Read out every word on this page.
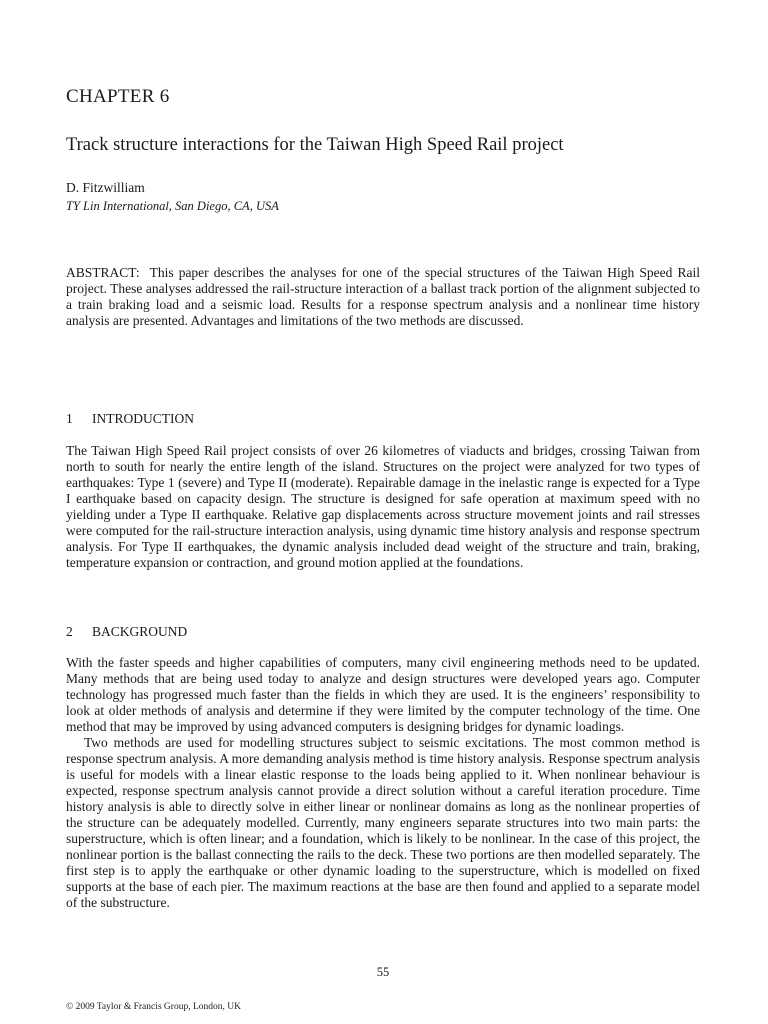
CHAPTER 6
Track structure interactions for the Taiwan High Speed Rail project
D. Fitzwilliam
TY Lin International, San Diego, CA, USA

ABSTRACT: This paper describes the analyses for one of the special structures of the Taiwan High Speed Rail project. These analyses addressed the rail-structure interaction of a ballast track portion of the alignment subjected to a train braking load and a seismic load. Results for a response spectrum analysis and a nonlinear time history analysis are presented. Advantages and limitations of the two methods are discussed.

1 INTRODUCTION

The Taiwan High Speed Rail project consists of over 26 kilometres of viaducts and bridges, crossing Taiwan from north to south for nearly the entire length of the island. Structures on the project were analyzed for two types of earthquakes: Type 1 (severe) and Type II (moderate). Repairable damage in the inelastic range is expected for a Type I earthquake based on capacity design. The structure is designed for safe operation at maximum speed with no yielding under a Type II earthquake. Relative gap displacements across structure movement joints and rail stresses were computed for the rail-structure interaction analysis, using dynamic time history analysis and response spectrum analysis. For Type II earthquakes, the dynamic analysis included dead weight of the structure and train, braking, temperature expansion or contraction, and ground motion applied at the foundations.

2 BACKGROUND

With the faster speeds and higher capabilities of computers, many civil engineering methods need to be updated. Many methods that are being used today to analyze and design structures were developed years ago. Computer technology has progressed much faster than the fields in which they are used. It is the engineers’ responsibility to look at older methods of analysis and determine if they were limited by the computer technology of the time. One method that may be improved by using advanced computers is designing bridges for dynamic loadings.

Two methods are used for modelling structures subject to seismic excitations. The most common method is response spectrum analysis. A more demanding analysis method is time history analysis. Response spectrum analysis is useful for models with a linear elastic response to the loads being applied to it. When nonlinear behaviour is expected, response spectrum analysis cannot provide a direct solution without a careful iteration procedure. Time history analysis is able to directly solve in either linear or nonlinear domains as long as the nonlinear properties of the structure can be adequately modelled. Currently, many engineers separate structures into two main parts: the superstructure, which is often linear; and a foundation, which is likely to be nonlinear. In the case of this project, the nonlinear portion is the ballast connecting the rails to the deck. These two portions are then modelled separately. The first step is to apply the earthquake or other dynamic loading to the superstructure, which is modelled on fixed supports at the base of each pier. The maximum reactions at the base are then found and applied to a separate model of the substructure.

55
© 2009 Taylor & Francis Group, London, UK
